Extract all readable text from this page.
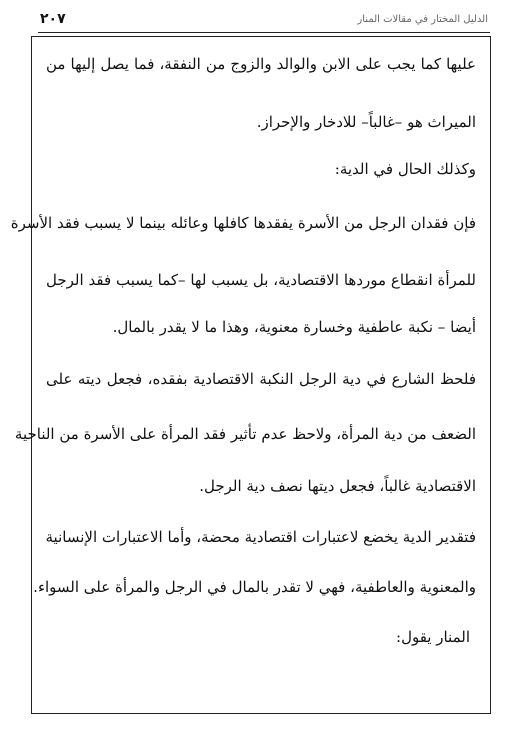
٢٠٧	الدليل المختار في مقالات المنار
عليها كما يجب على الابن والوالد والزوج من النفقة، فما يصل إليها من
الميراث هو –غالباً– للادخار والإحراز.
وكذلك الحال في الدية:
فإن فقدان الرجل من الأسرة يفقدها كافلها وعائله بينما لا يسبب فقد الأسرة
للمرأة انقطاع موردها الاقتصادية، بل يسبب لها –كما يسبب فقد الرجل
أيضا – نكبة عاطفية وخسارة معنوية، وهذا ما لا يقدر بالمال.
فلحظ الشارع في دية الرجل النكبة الاقتصادية بفقده، فجعل ديته على
الضعف من دية المرأة، ولاحظ عدم تأثير فقد المرأة على الأسرة من الناحية
الاقتصادية غالباً، فجعل ديتها نصف دية الرجل.
فتقدير الدية يخضع لاعتبارات اقتصادية محضة، وأما الاعتبارات الإنسانية
والمعنوية والعاطفية، فهي لا تقدر بالمال في الرجل والمرأة على السواء.
المنار يقول:
